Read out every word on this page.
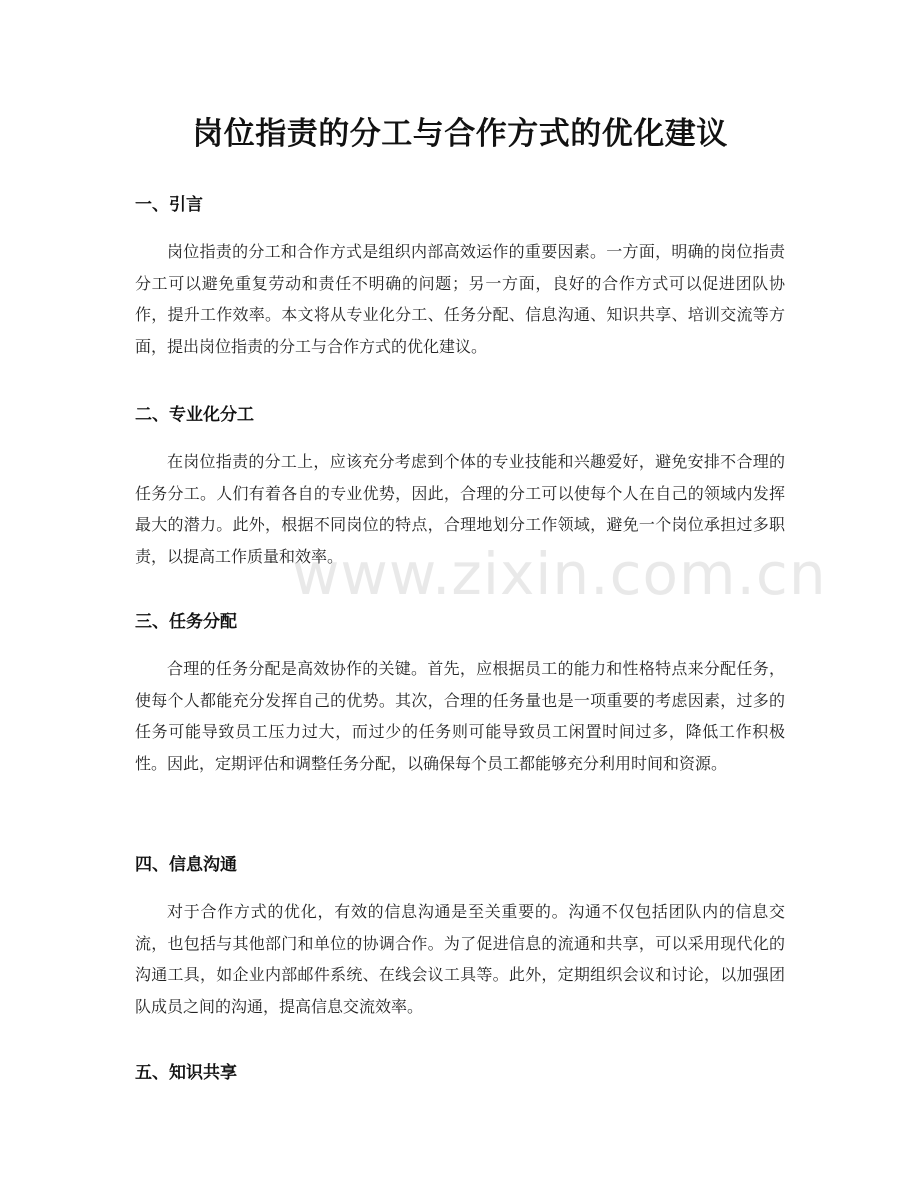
岗位指责的分工与合作方式的优化建议
一、引言

岗位指责的分工和合作方式是组织内部高效运作的重要因素。一方面，明确的岗位指责分工可以避免重复劳动和责任不明确的问题；另一方面，良好的合作方式可以促进团队协作，提升工作效率。本文将从专业化分工、任务分配、信息沟通、知识共享、培训交流等方面，提出岗位指责的分工与合作方式的优化建议。

二、专业化分工

在岗位指责的分工上，应该充分考虑到个体的专业技能和兴趣爱好，避免安排不合理的任务分工。人们有着各自的专业优势，因此，合理的分工可以使每个人在自己的领域内发挥最大的潜力。此外，根据不同岗位的特点，合理地划分工作领域，避免一个岗位承担过多职责，以提高工作质量和效率。

三、任务分配

合理的任务分配是高效协作的关键。首先，应根据员工的能力和性格特点来分配任务，使每个人都能充分发挥自己的优势。其次，合理的任务量也是一项重要的考虑因素，过多的任务可能导致员工压力过大，而过少的任务则可能导致员工闲置时间过多，降低工作积极性。因此，定期评估和调整任务分配，以确保每个员工都能够充分利用时间和资源。

四、信息沟通

对于合作方式的优化，有效的信息沟通是至关重要的。沟通不仅包括团队内的信息交流，也包括与其他部门和单位的协调合作。为了促进信息的流通和共享，可以采用现代化的沟通工具，如企业内部邮件系统、在线会议工具等。此外，定期组织会议和讨论，以加强团队成员之间的沟通，提高信息交流效率。

五、知识共享
www.zixin.com.cn
